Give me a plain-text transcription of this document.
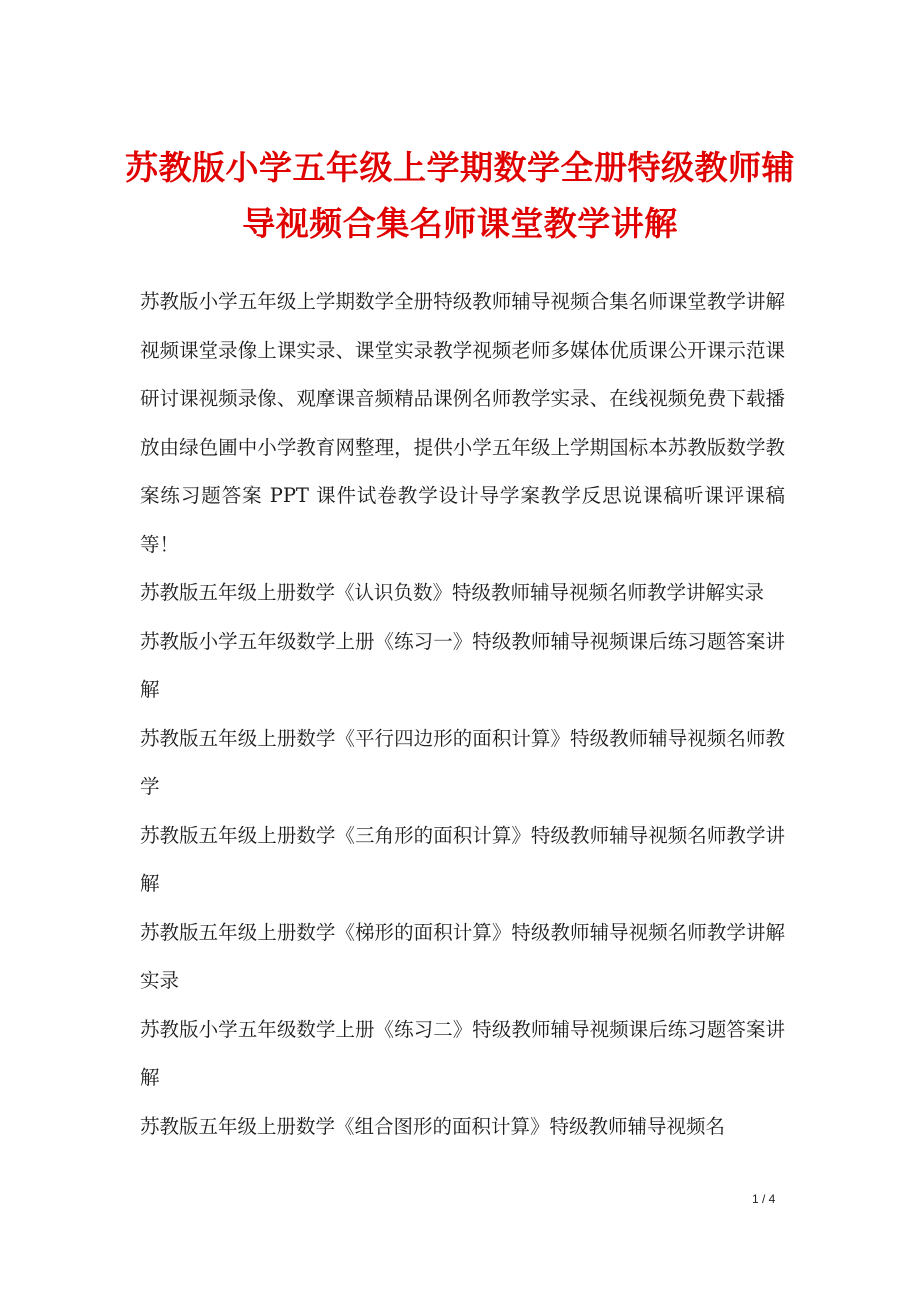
苏教版小学五年级上学期数学全册特级教师辅导视频合集名师课堂教学讲解

苏教版小学五年级上学期数学全册特级教师辅导视频合集名师课堂教学讲解视频课堂录像上课实录、课堂实录教学视频老师多媒体优质课公开课示范课研讨课视频录像、观摩课音频精品课例名师教学实录、在线视频免费下载播放由绿色圃中小学教育网整理，提供小学五年级上学期国标本苏教版数学教案练习题答案 PPT 课件试卷教学设计导学案教学反思说课稿听课评课稿等！

苏教版五年级上册数学《认识负数》特级教师辅导视频名师教学讲解实录

苏教版小学五年级数学上册《练习一》特级教师辅导视频课后练习题答案讲解

苏教版五年级上册数学《平行四边形的面积计算》特级教师辅导视频名师教学

苏教版五年级上册数学《三角形的面积计算》特级教师辅导视频名师教学讲解

苏教版五年级上册数学《梯形的面积计算》特级教师辅导视频名师教学讲解实录

苏教版小学五年级数学上册《练习二》特级教师辅导视频课后练习题答案讲解

苏教版五年级上册数学《组合图形的面积计算》特级教师辅导视频名

1 / 4
